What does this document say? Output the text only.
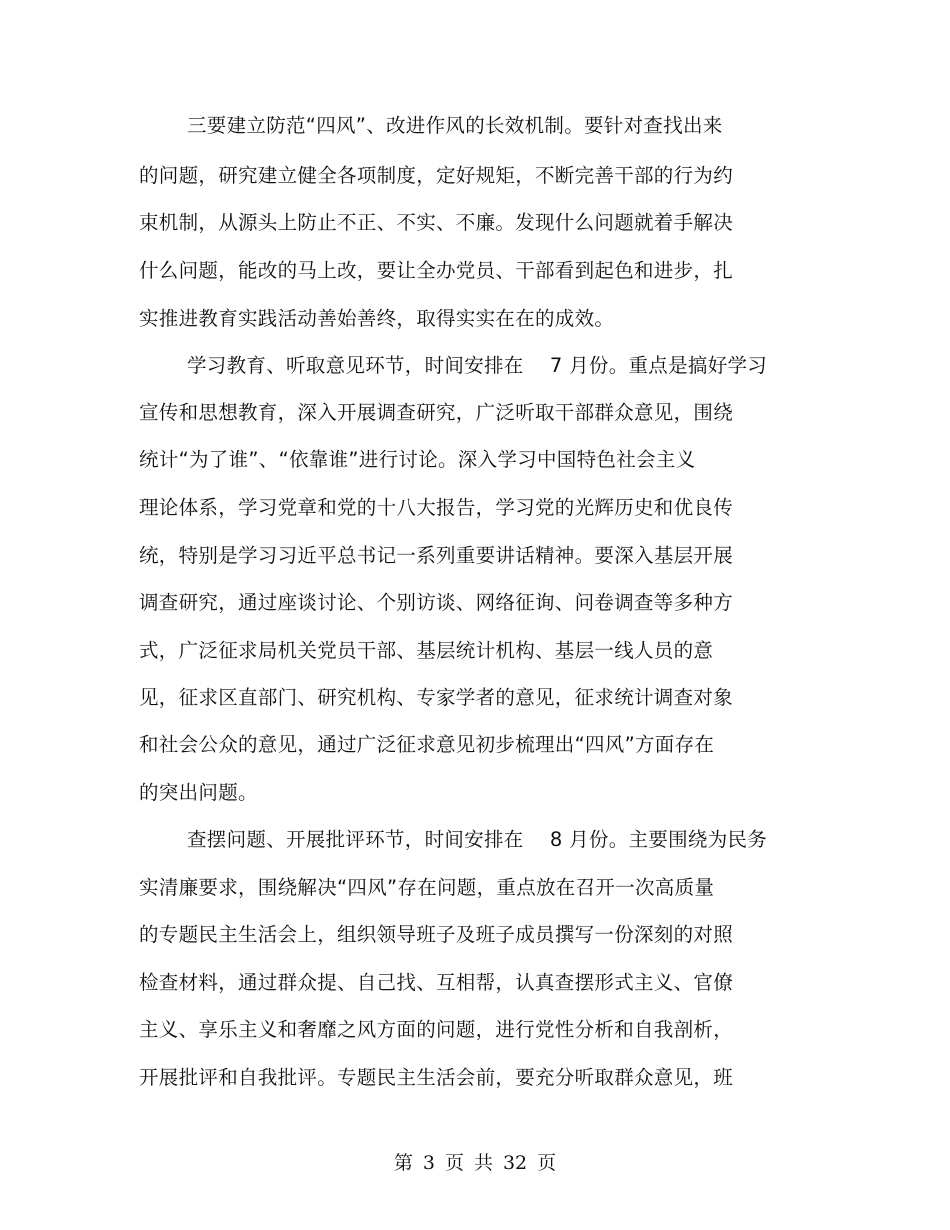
三要建立防范“四风”、改进作风的长效机制。要针对查找出来
的问题，研究建立健全各项制度，定好规矩，不断完善干部的行为约
束机制，从源头上防止不正、不实、不廉。发现什么问题就着手解决
什么问题，能改的马上改，要让全办党员、干部看到起色和进步，扎
实推进教育实践活动善始善终，取得实实在在的成效。
学习教育、听取意见环节，时间安排在　 7 月份。重点是搞好学习
宣传和思想教育，深入开展调查研究，广泛听取干部群众意见，围绕
统计“为了谁”、“依靠谁”进行讨论。深入学习中国特色社会主义
理论体系，学习党章和党的十八大报告，学习党的光辉历史和优良传
统，特别是学习习近平总书记一系列重要讲话精神。要深入基层开展
调查研究，通过座谈讨论、个别访谈、网络征询、问卷调查等多种方
式，广泛征求局机关党员干部、基层统计机构、基层一线人员的意
见，征求区直部门、研究机构、专家学者的意见，征求统计调查对象
和社会公众的意见，通过广泛征求意见初步梳理出“四风”方面存在
的突出问题。
查摆问题、开展批评环节，时间安排在　 8 月份。主要围绕为民务
实清廉要求，围绕解决“四风”存在问题，重点放在召开一次高质量
的专题民主生活会上，组织领导班子及班子成员撰写一份深刻的对照
检查材料，通过群众提、自己找、互相帮，认真查摆形式主义、官僚
主义、享乐主义和奢靡之风方面的问题，进行党性分析和自我剖析，
开展批评和自我批评。专题民主生活会前，要充分听取群众意见，班
第 3 页 共 32 页
